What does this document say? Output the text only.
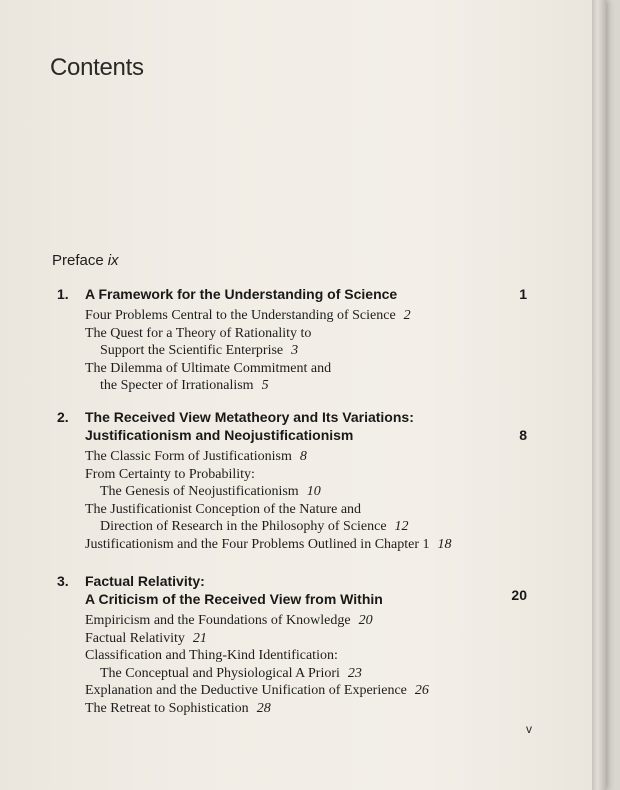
Contents
Preface ix
1. A Framework for the Understanding of Science	1
Four Problems Central to the Understanding of Science 2
The Quest for a Theory of Rationality to
Support the Scientific Enterprise 3
The Dilemma of Ultimate Commitment and
the Specter of Irrationalism 5
2. The Received View Metatheory and Its Variations:
Justificationism and Neojustificationism	8
The Classic Form of Justificationism 8
From Certainty to Probability:
The Genesis of Neojustificationism 10
The Justificationist Conception of the Nature and
Direction of Research in the Philosophy of Science 12
Justificationism and the Four Problems Outlined in Chapter 1 18
3. Factual Relativity:
A Criticism of the Received View from Within	20
Empiricism and the Foundations of Knowledge 20
Factual Relativity 21
Classification and Thing-Kind Identification:
The Conceptual and Physiological A Priori 23
Explanation and the Deductive Unification of Experience 26
The Retreat to Sophistication 28
v
